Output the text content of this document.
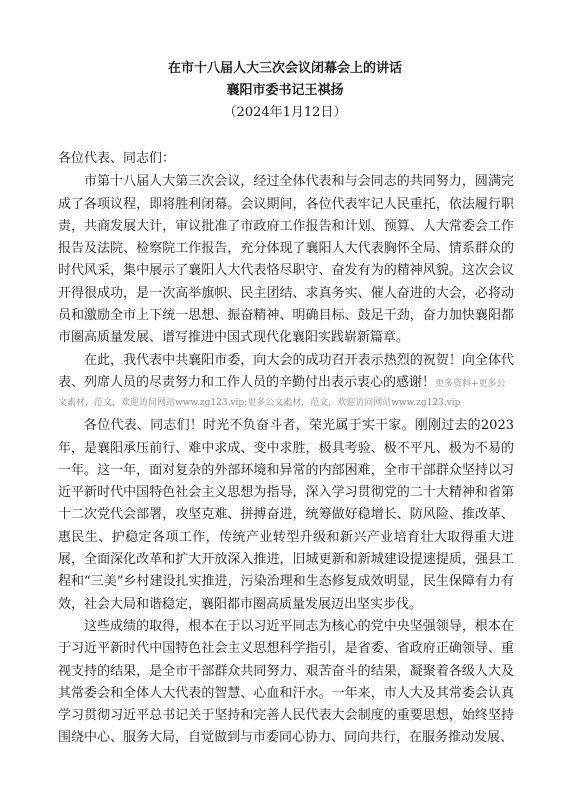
在市十八届人大三次会议闭幕会上的讲话
襄阳市委书记王祺扬
（2024年1月12日）
各位代表、同志们：

市第十八届人大第三次会议，经过全体代表和与会同志的共同努力，圆满完成了各项议程，即将胜利闭幕。会议期间，各位代表牢记人民重托，依法履行职责，共商发展大计，审议批准了市政府工作报告和计划、预算、人大常委会工作报告及法院、检察院工作报告，充分体现了襄阳人大代表胸怀全局、情系群众的时代风采，集中展示了襄阳人大代表恪尽职守、奋发有为的精神风貌。这次会议开得很成功，是一次高举旗帜、民主团结、求真务实、催人奋进的大会，必将动员和激励全市上下统一思想、振奋精神、明确目标、鼓足干劲，奋力加快襄阳都市圈高质量发展、谱写推进中国式现代化襄阳实践崭新篇章。

在此，我代表中共襄阳市委，向大会的成功召开表示热烈的祝贺！向全体代表、列席人员的尽责努力和工作人员的辛勤付出表示衷心的感谢！更多资料+更多公

文素材，范文，欢迎访问网站www.zg123.vip;更多公文素材，范文，欢迎访问网站www.zg123.vip

各位代表、同志们！时光不负奋斗者，荣光属于实干家。刚刚过去的2023年，是襄阳承压前行、难中求成、变中求胜，极具考验、极不平凡、极为不易的一年。这一年，面对复杂的外部环境和异常的内部困难，全市干部群众坚持以习近平新时代中国特色社会主义思想为指导，深入学习贯彻党的二十大精神和省第十二次党代会部署，攻坚克难、拼搏奋进，统筹做好稳增长、防风险、推改革、惠民生、护稳定各项工作，传统产业转型升级和新兴产业培育壮大取得重大进展，全面深化改革和扩大开放深入推进，旧城更新和新城建设提速提质，强县工程和“三美”乡村建设扎实推进，污染治理和生态修复成效明显，民生保障有力有效，社会大局和谐稳定，襄阳都市圈高质量发展迈出坚实步伐。

这些成绩的取得，根本在于以习近平同志为核心的党中央坚强领导，根本在于习近平新时代中国特色社会主义思想科学指引，是省委、省政府正确领导、重视支持的结果，是全市干部群众共同努力、艰苦奋斗的结果，凝聚着各级人大及其常委会和全体人大代表的智慧、心血和汗水。一年来，市人大及其常委会认真学习贯彻习近平总书记关于坚持和完善人民代表大会制度的重要思想，始终坚持围绕中心、服务大局，自觉做到与市委同心协力、同向共行，在服务推动发展、
